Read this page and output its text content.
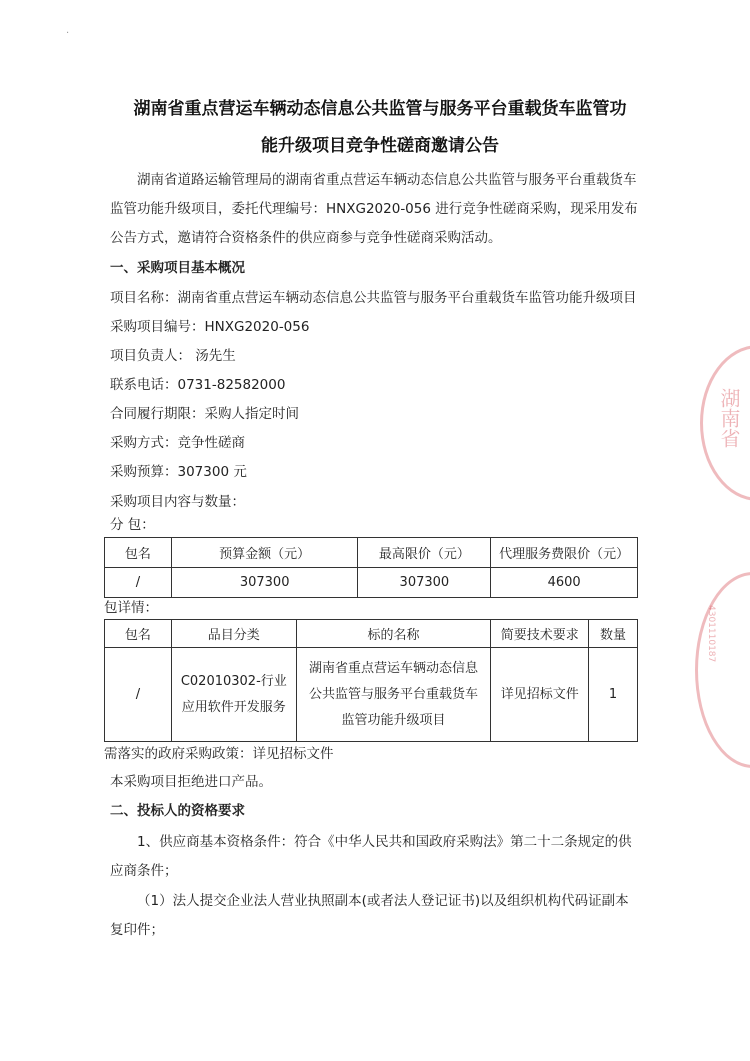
·
湖南省重点营运车辆动态信息公共监管与服务平台重载货车监管功
能升级项目竞争性磋商邀请公告
湖南省道路运输管理局的湖南省重点营运车辆动态信息公共监管与服务平台重载货车监管功能升级项目，委托代理编号：HNXG2020-056 进行竞争性磋商采购，现采用发布公告方式，邀请符合资格条件的供应商参与竞争性磋商采购活动。
一、采购项目基本概况
项目名称：湖南省重点营运车辆动态信息公共监管与服务平台重载货车监管功能升级项目
采购项目编号：HNXG2020-056
项目负责人： 汤先生
联系电话：0731-82582000
合同履行期限：采购人指定时间
采购方式：竞争性磋商
采购预算：307300 元
采购项目内容与数量：
分 包：
包名	预算金额（元）	最高限价（元）	代理服务费限价（元）
/	307300	307300	4600
包详情：
包名	品目分类	标的名称	简要技术要求	数量
/	C02010302-行业应用软件开发服务	湖南省重点营运车辆动态信息公共监管与服务平台重载货车监管功能升级项目	详见招标文件	1
需落实的政府采购政策：详见招标文件
本采购项目拒绝进口产品。
二、投标人的资格要求
1、供应商基本资格条件：符合《中华人民共和国政府采购法》第二十二条规定的供应商条件；
（1）法人提交企业法人营业执照副本(或者法人登记证书)以及组织机构代码证副本复印件；
湖南省
4301110187
